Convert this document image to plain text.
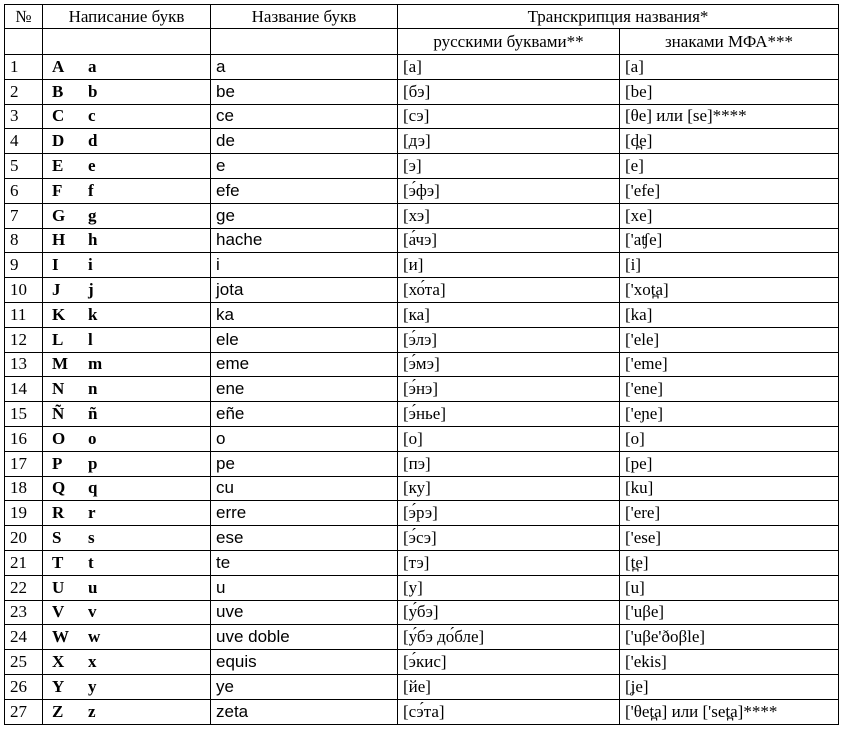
№	Написание букв	Название букв	Транскрипция названия*	
			русскими буквами**	знаками МФА***
1	A a	a	[а]	[a]
2	B b	be	[бэ]	[be]
3	C c	ce	[сэ]	[θe] или [se]****
4	D d	de	[дэ]	[d̪e]
5	E e	e	[э]	[e]
6	F f	efe	[э́фэ]	['efe]
7	G g	ge	[хэ]	[xe]
8	H h	hache	[а́чэ]	['aʧe]
9	I i	i	[и]	[i]
10	J j	jota	[хо́та]	['xot̪a]
11	K k	ka	[ка]	[ka]
12	L l	ele	[э́лэ]	['ele]
13	M m	eme	[э́мэ]	['eme]
14	N n	ene	[э́нэ]	['ene]
15	Ñ ñ	eñe	[э́нье]	['eɲe]
16	O o	o	[о]	[o]
17	P p	pe	[пэ]	[pe]
18	Q q	cu	[ку]	[ku]
19	R r	erre	[э́рэ]	['ere]
20	S s	ese	[э́сэ]	['ese]
21	T t	te	[тэ]	[t̪e]
22	U u	u	[у]	[u]
23	V v	uve	[у́бэ]	['uβe]
24	W w	uve doble	[у́бэ до́бле]	['uβe'ðoβle]
25	X x	equis	[э́кис]	['ekis]
26	Y y	ye	[йе]	[ʝe]
27	Z z	zeta	[сэ́та]	['θet̪a] или ['set̪a]****
